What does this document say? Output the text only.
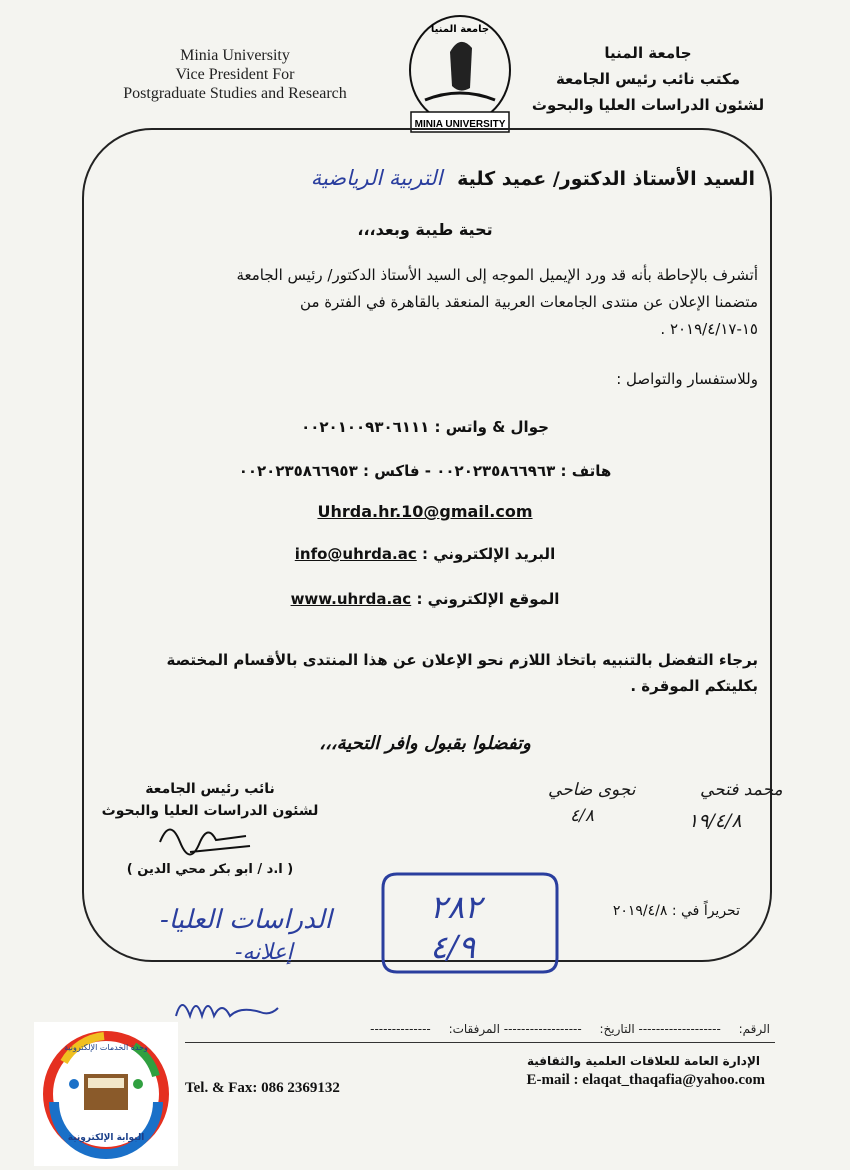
Minia University
Vice President For
Postgraduate Studies and Research
جامعة المنيا
MINIA UNIVERSITY
جامعة المنيا
مكتب نائب رئيس الجامعة
لشئون الدراسات العليا والبحوث
السيد الأستاذ الدكتور/ عميد كلية التربية الرياضية
تحية طيبة وبعد،،،
أتشرف بالإحاطة بأنه قد ورد الإيميل الموجه إلى السيد الأستاذ الدكتور/ رئيس الجامعة
متضمنا الإعلان عن منتدى الجامعات العربية المنعقد بالقاهرة في الفترة من
١٥-٢٠١٩/٤/١٧ .
وللاستفسار والتواصل :
جوال & واتس : ٠٠٢٠١٠٠٩٣٠٦١١١
هاتف : ٠٠٢٠٢٣٥٨٦٦٩٦٣ - فاكس : ٠٠٢٠٢٣٥٨٦٦٩٥٣
Uhrda.hr.10@gmail.com
البريد الإلكتروني : info@uhrda.ac
الموقع الإلكتروني : www.uhrda.ac
برجاء التفضل بالتنبيه باتخاذ اللازم نحو الإعلان عن هذا المنتدى بالأقسام المختصة
بكليتكم الموقرة .
وتفضلوا بقبول وافر التحية،،،
نجوى ضاحي
٤/٨
محمد فتحي
١٩/٤/٨
نائب رئيس الجامعة
لشئون الدراسات العليا والبحوث
( ا.د / ابو بكر محي الدين )
تحريراً في : ٢٠١٩/٤/٨
٢٨٢
٤/٩
-الدراسات العليا
-إعلانه
الرقم: ------------------- التاريخ: ------------------ المرفقات: --------------
الإدارة العامة للعلاقات العلمية والثقافية
Tel. & Fax: 086 2369132	E-mail : elaqat_thaqafia@yahoo.com
وحدة الخدمات الإلكترونية
البوابة الإلكترونية
